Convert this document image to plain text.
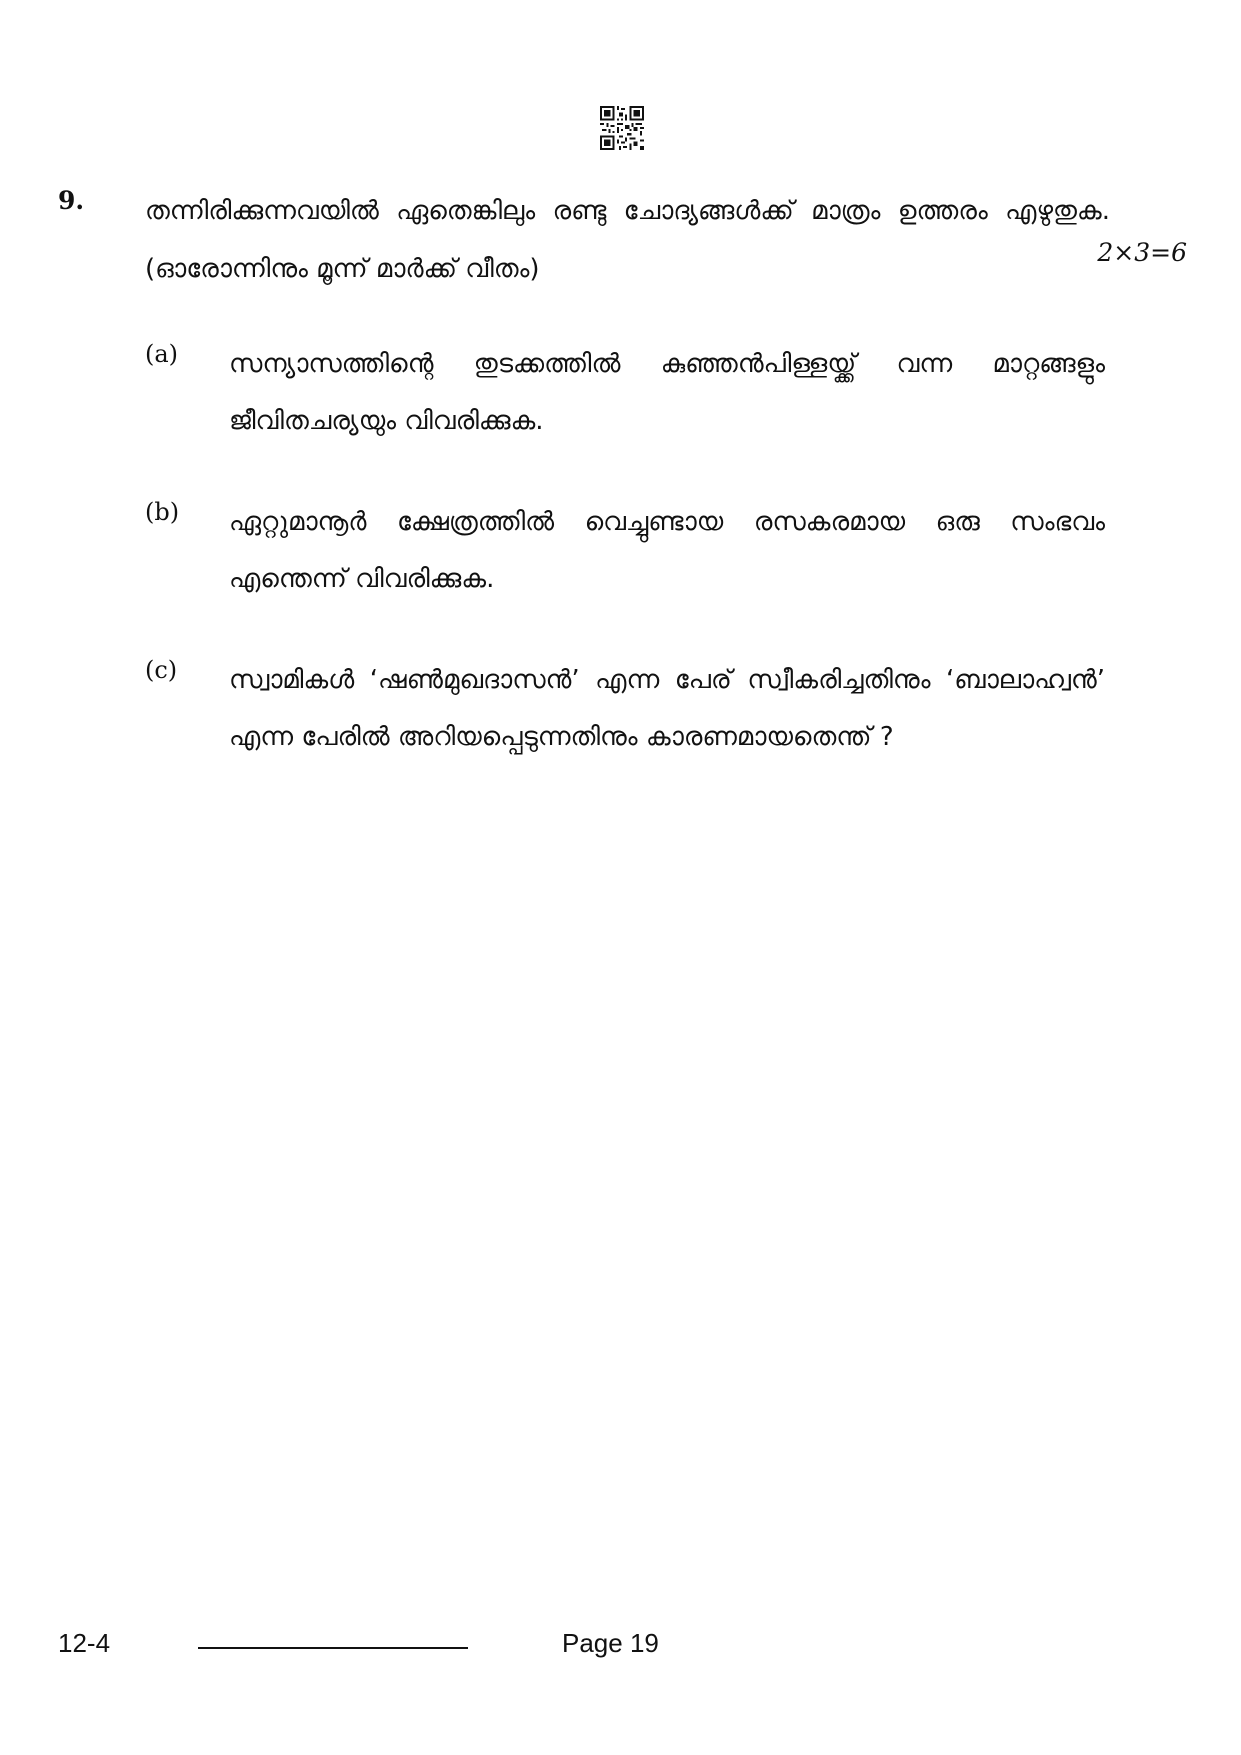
9. തന്നിരിക്കുന്നവയിൽ ഏതെങ്കിലും രണ്ടു ചോദ്യങ്ങൾക്ക് മാത്രം ഉത്തരം എഴുതുക. (ഓരോന്നിനും മൂന്ന് മാർക്ക് വീതം)
2×3=6
(a) സന്യാസത്തിന്റെ തുടക്കത്തിൽ കുഞ്ഞൻപിള്ളയ്ക്ക് വന്ന മാറ്റങ്ങളും ജീവിതചര്യയും വിവരിക്കുക.
(b) ഏറ്റുമാനൂർ ക്ഷേത്രത്തിൽ വെച്ചുണ്ടായ രസകരമായ ഒരു സംഭവം എന്തെന്ന് വിവരിക്കുക.
(c) സ്വാമികൾ ‘ഷൺമുഖദാസൻ’ എന്ന പേര് സ്വീകരിച്ചതിനും ‘ബാലാഹ്വൻ’ എന്ന പേരിൽ അറിയപ്പെടുന്നതിനും കാരണമായതെന്ത് ?
12-4	Page 19
